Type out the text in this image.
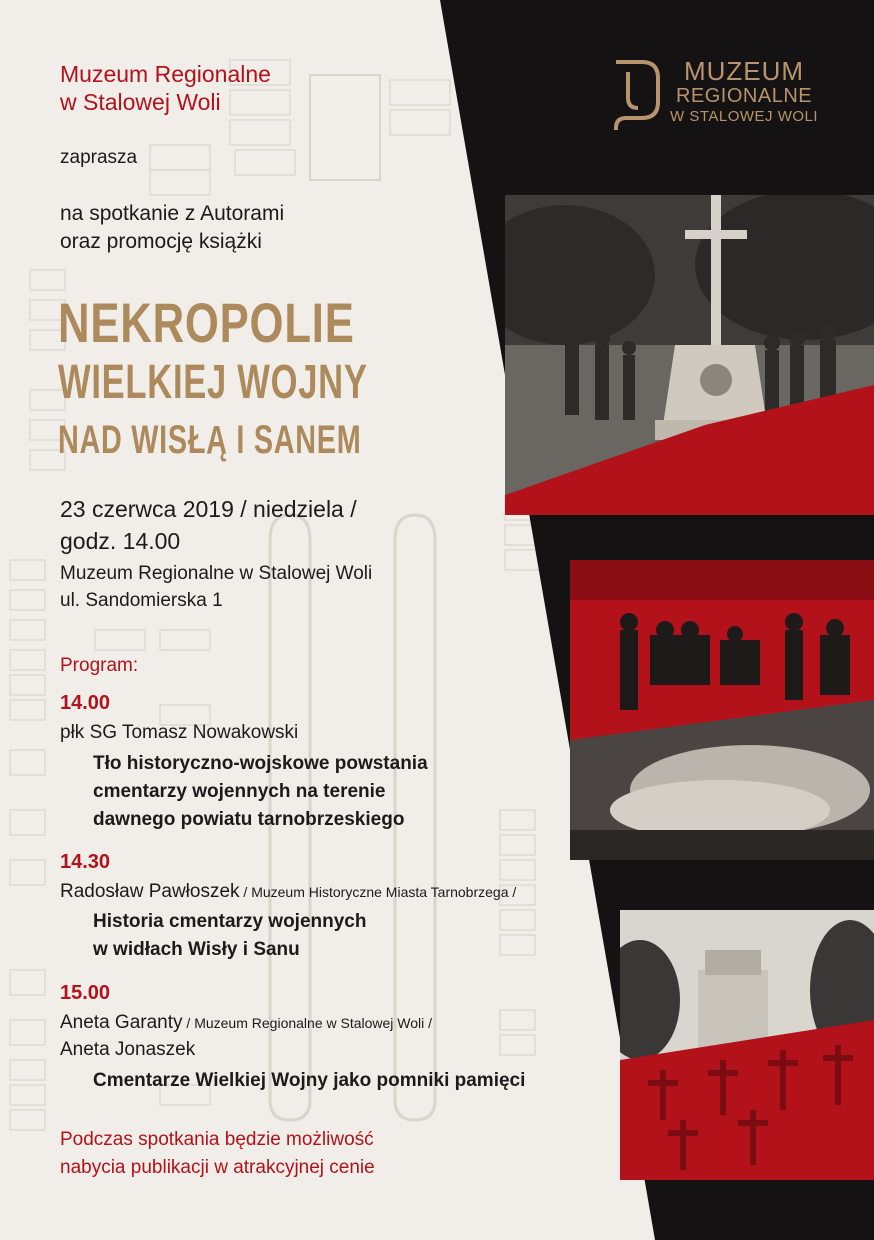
MUZEUM
REGIONALNE
W STALOWEJ WOLI
Muzeum Regionalne
w Stalowej Woli
zaprasza
na spotkanie z Autorami
oraz promocję książki
NEKROPOLIE
WIELKIEJ WOJNY
NAD WISŁĄ I SANEM
23 czerwca 2019 / niedziela /
godz. 14.00
Muzeum Regionalne w Stalowej Woli
ul. Sandomierska 1
Program:
14.00
płk SG Tomasz Nowakowski
Tło historyczno-wojskowe powstania
cmentarzy wojennych na terenie
dawnego powiatu tarnobrzeskiego
14.30
Radosław Pawłoszek / Muzeum Historyczne Miasta Tarnobrzega /
Historia cmentarzy wojennych
w widłach Wisły i Sanu
15.00
Aneta Garanty / Muzeum Regionalne w Stalowej Woli /
Aneta Jonaszek
Cmentarze Wielkiej Wojny jako pomniki pamięci
Podczas spotkania będzie możliwość
nabycia publikacji w atrakcyjnej cenie
